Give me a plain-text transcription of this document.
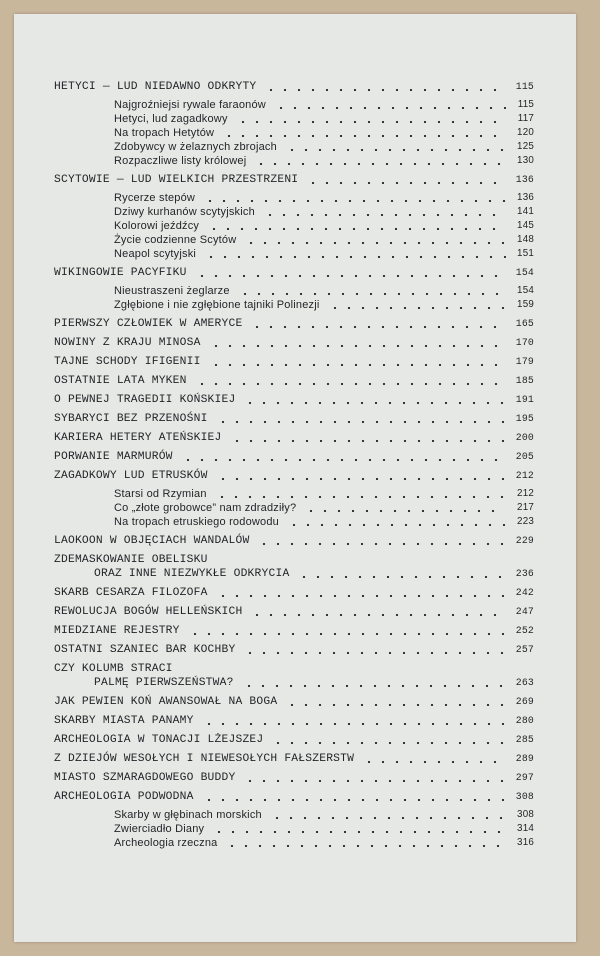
HETYCI — LUD NIEDAWNO ODKRYTY	115
Najgroźniejsi rywale faraonów	115
Hetyci, lud zagadkowy	117
Na tropach Hetytów	120
Zdobywcy w żelaznych zbrojach	125
Rozpaczliwe listy królowej	130
SCYTOWIE — LUD WIELKICH PRZESTRZENI	136
Rycerze stepów	136
Dziwy kurhanów scytyjskich	141
Kolorowi jeźdźcy	145
Życie codzienne Scytów	148
Neapol scytyjski	151
WIKINGOWIE PACYFIKU	154
Nieustraszeni żeglarze	154
Zgłębione i nie zgłębione tajniki Polinezji	159
PIERWSZY CZŁOWIEK W AMERYCE	165
NOWINY Z KRAJU MINOSA	170
TAJNE SCHODY IFIGENII	179
OSTATNIE LATA MYKEN	185
O PEWNEJ TRAGEDII KOŃSKIEJ	191
SYBARYCI BEZ PRZENOŚNI	195
KARIERA HETERY ATEŃSKIEJ	200
PORWANIE MARMURÓW	205
ZAGADKOWY LUD ETRUSKÓW	212
Starsi od Rzymian	212
Co „złote grobowce” nam zdradziły?	217
Na tropach etruskiego rodowodu	223
LAOKOON W OBJĘCIACH WANDALÓW	229
ZDEMASKOWANIE OBELISKU
ORAZ INNE NIEZWYKŁE ODKRYCIA	236
SKARB CESARZA FILOZOFA	242
REWOLUCJA BOGÓW HELLEŃSKICH	247
MIEDZIANE REJESTRY	252
OSTATNI SZANIEC BAR KOCHBY	257
CZY KOLUMB STRACI
PALMĘ PIERWSZEŃSTWA?	263
JAK PEWIEN KOŃ AWANSOWAŁ NA BOGA	269
SKARBY MIASTA PANAMY	280
ARCHEOLOGIA W TONACJI LŻEJSZEJ	285
Z DZIEJÓW WESOŁYCH I NIEWESOŁYCH FAŁSZERSTW	289
MIASTO SZMARAGDOWEGO BUDDY	297
ARCHEOLOGIA PODWODNA	308
Skarby w głębinach morskich	308
Zwierciadło Diany	314
Archeologia rzeczna	316
